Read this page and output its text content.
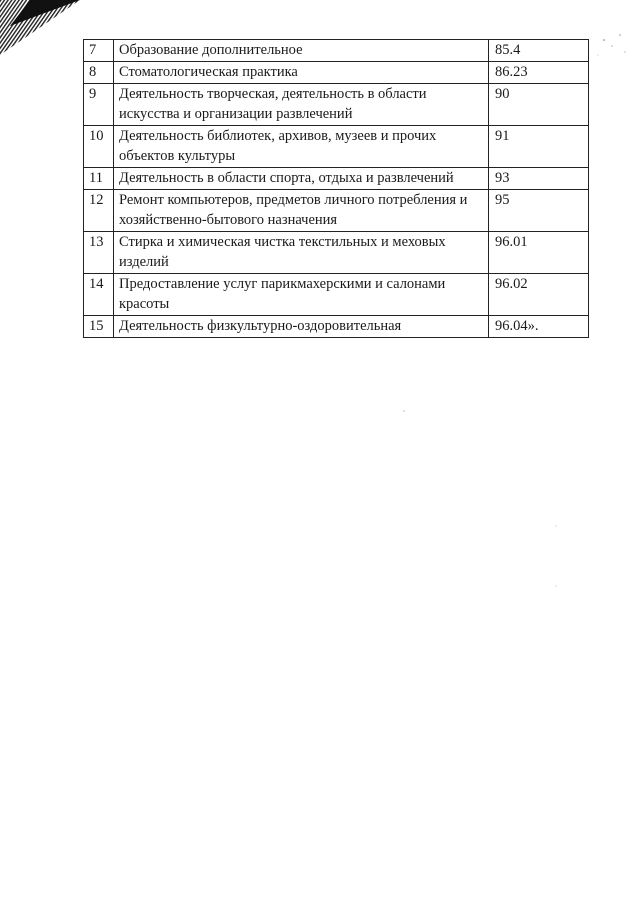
7	Образование дополнительное	85.4
8	Стоматологическая практика	86.23
9	Деятельность творческая, деятельность в области искусства и организации развлечений	90
10	Деятельность библиотек, архивов, музеев и прочих объектов культуры	91
11	Деятельность в области спорта, отдыха и развлечений	93
12	Ремонт компьютеров, предметов личного потребления и хозяйственно-бытового назначения	95
13	Стирка и химическая чистка текстильных и меховых изделий	96.01
14	Предоставление услуг парикмахерскими и салонами красоты	96.02
15	Деятельность физкультурно-оздоровительная	96.04».
